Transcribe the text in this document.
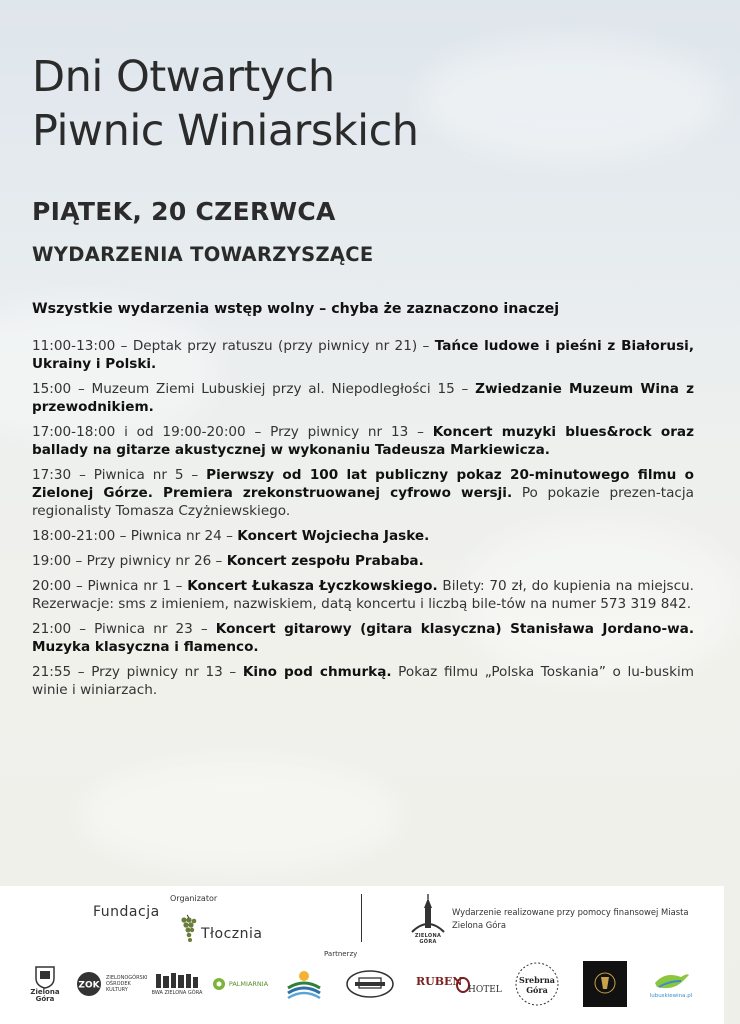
Dni Otwartych
Piwnic Winiarskich
PIĄTEK, 20 CZERWCA
WYDARZENIA TOWARZYSZĄCE
Wszystkie wydarzenia wstęp wolny – chyba że zaznaczono inaczej
11:00-13:00 – Deptak przy ratuszu (przy piwnicy nr 21) – Tańce ludowe i pieśni z Białorusi, Ukrainy i Polski.
15:00 – Muzeum Ziemi Lubuskiej przy al. Niepodległości 15 – Zwiedzanie Muzeum Wina z przewodnikiem.
17:00-18:00 i od 19:00-20:00 – Przy piwnicy nr 13 – Koncert muzyki blues&rock oraz ballady na gitarze akustycznej w wykonaniu Tadeusza Markiewicza.
17:30 – Piwnica nr 5 – Pierwszy od 100 lat publiczny pokaz 20-minutowego filmu o Zielonej Górze. Premiera zrekonstruowanej cyfrowo wersji. Po pokazie prezen-tacja regionalisty Tomasza Czyżniewskiego.
18:00-21:00 – Piwnica nr 24 – Koncert Wojciecha Jaske.
19:00 – Przy piwnicy nr 26 – Koncert zespołu Prababa.
20:00 – Piwnica nr 1 – Koncert Łukasza Łyczkowskiego. Bilety: 70 zł, do kupienia na miejscu. Rezerwacje: sms z imieniem, nazwiskiem, datą koncertu i liczbą bile-tów na numer 573 319 842.
21:00 – Piwnica nr 23 – Koncert gitarowy (gitara klasyczna) Stanisława Jordano-wa. Muzyka klasyczna i flamenco.
21:55 – Przy piwnicy nr 13 – Kino pod chmurką. Pokaz filmu „Polska Toskania” o lu-buskim winie i winiarzach.
Organizator
Fundacja
Tłocznia	ZIELONA GÓRA
Wydarzenie realizowane przy pomocy finansowej Miasta Zielona Góra
Partnerzy
Zielona Góra
ZOK
ZIELONOGÓRSKI OŚRODEK KULTURY	BWA ZIELONA GÓRA
PALMIARNIA	RUBEN
HOTEL
Srebrna
Góra
lubuskiewina.pl
